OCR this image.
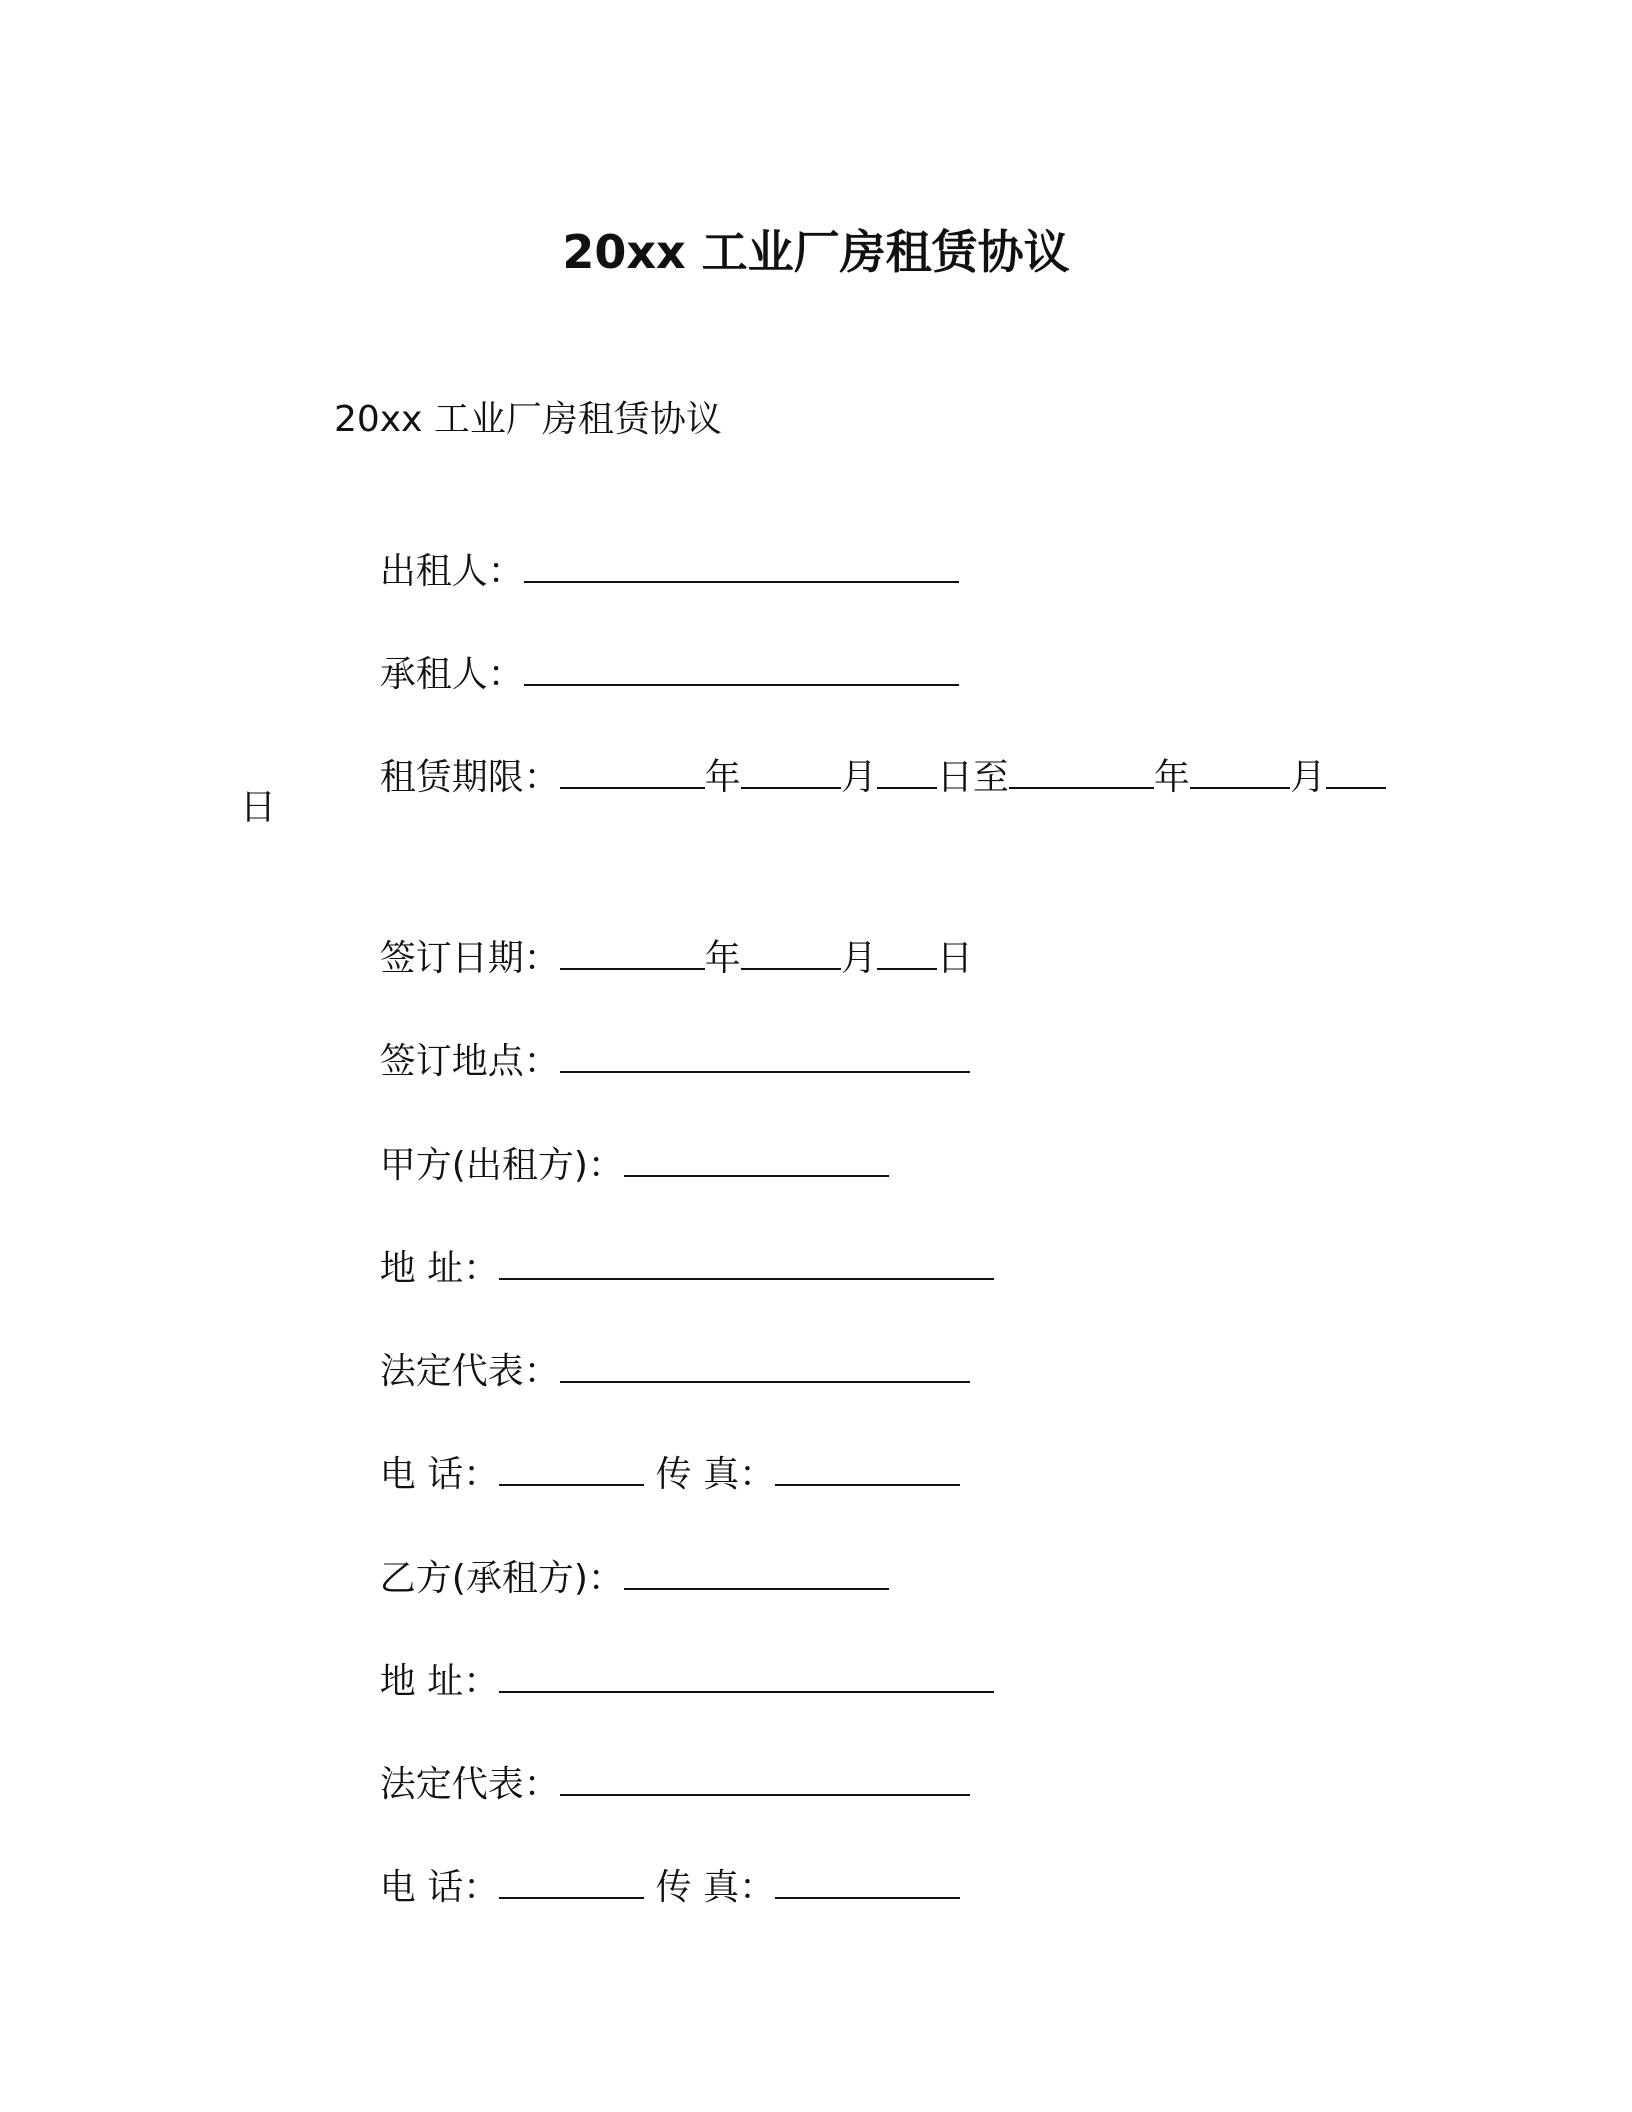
20xx 工业厂房租赁协议
20xx 工业厂房租赁协议

出租人：

承租人：

租赁期限：	年	月 日至	年	月

日

签订日期：	年	月 日

签订地点：

甲方(出租方)：

地 址：

法定代表：

电 话：	传 真：

乙方(承租方)：

地 址：

法定代表：

电 话：	传 真：
